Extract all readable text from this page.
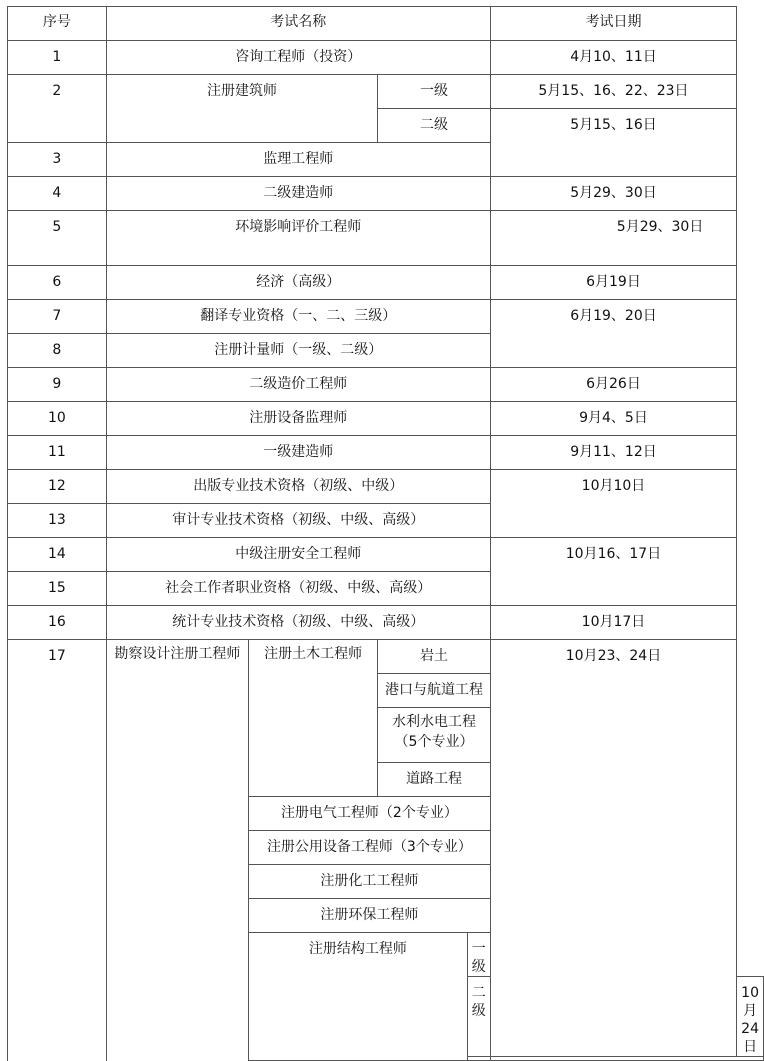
序号	考试名称				考试日期	

1	咨询工程师（投资）				4月10、11日	

2	注册建筑师		一级		5月15、16、22、23日	

			二级		5月15、16日	

3	监理工程师					

4	二级建造师				5月29、30日	

5	环境影响评价工程师				5月29、30日	

6	经济（高级）				6月19日	

7	翻译专业资格（一、二、三级）				6月19、20日	

8	注册计量师（一级、二级）					

9	二级造价工程师				6月26日	

10	注册设备监理师				9月4、5日	

11	一级建造师				9月11、12日	

12	出版专业技术资格（初级、中级）				10月10日	

13	审计专业技术资格（初级、中级、高级）					

14	中级注册安全工程师				10月16、17日	

15	社会工作者职业资格（初级、中级、高级）					

16	统计专业技术资格（初级、中级、高级）				10月17日	

17	勘察设计注册工程师	注册土木工程师	岩土		10月23、24日	

			港口与航道工程			

			水利水电工程（5个专业）			

			道路工程			

		注册电气工程师（2个专业）				

		注册公用设备工程师（3个专业）				

		注册化工工程师				

		注册环保工程师				

		注册结构工程师		一级		

				二级		10月24日
